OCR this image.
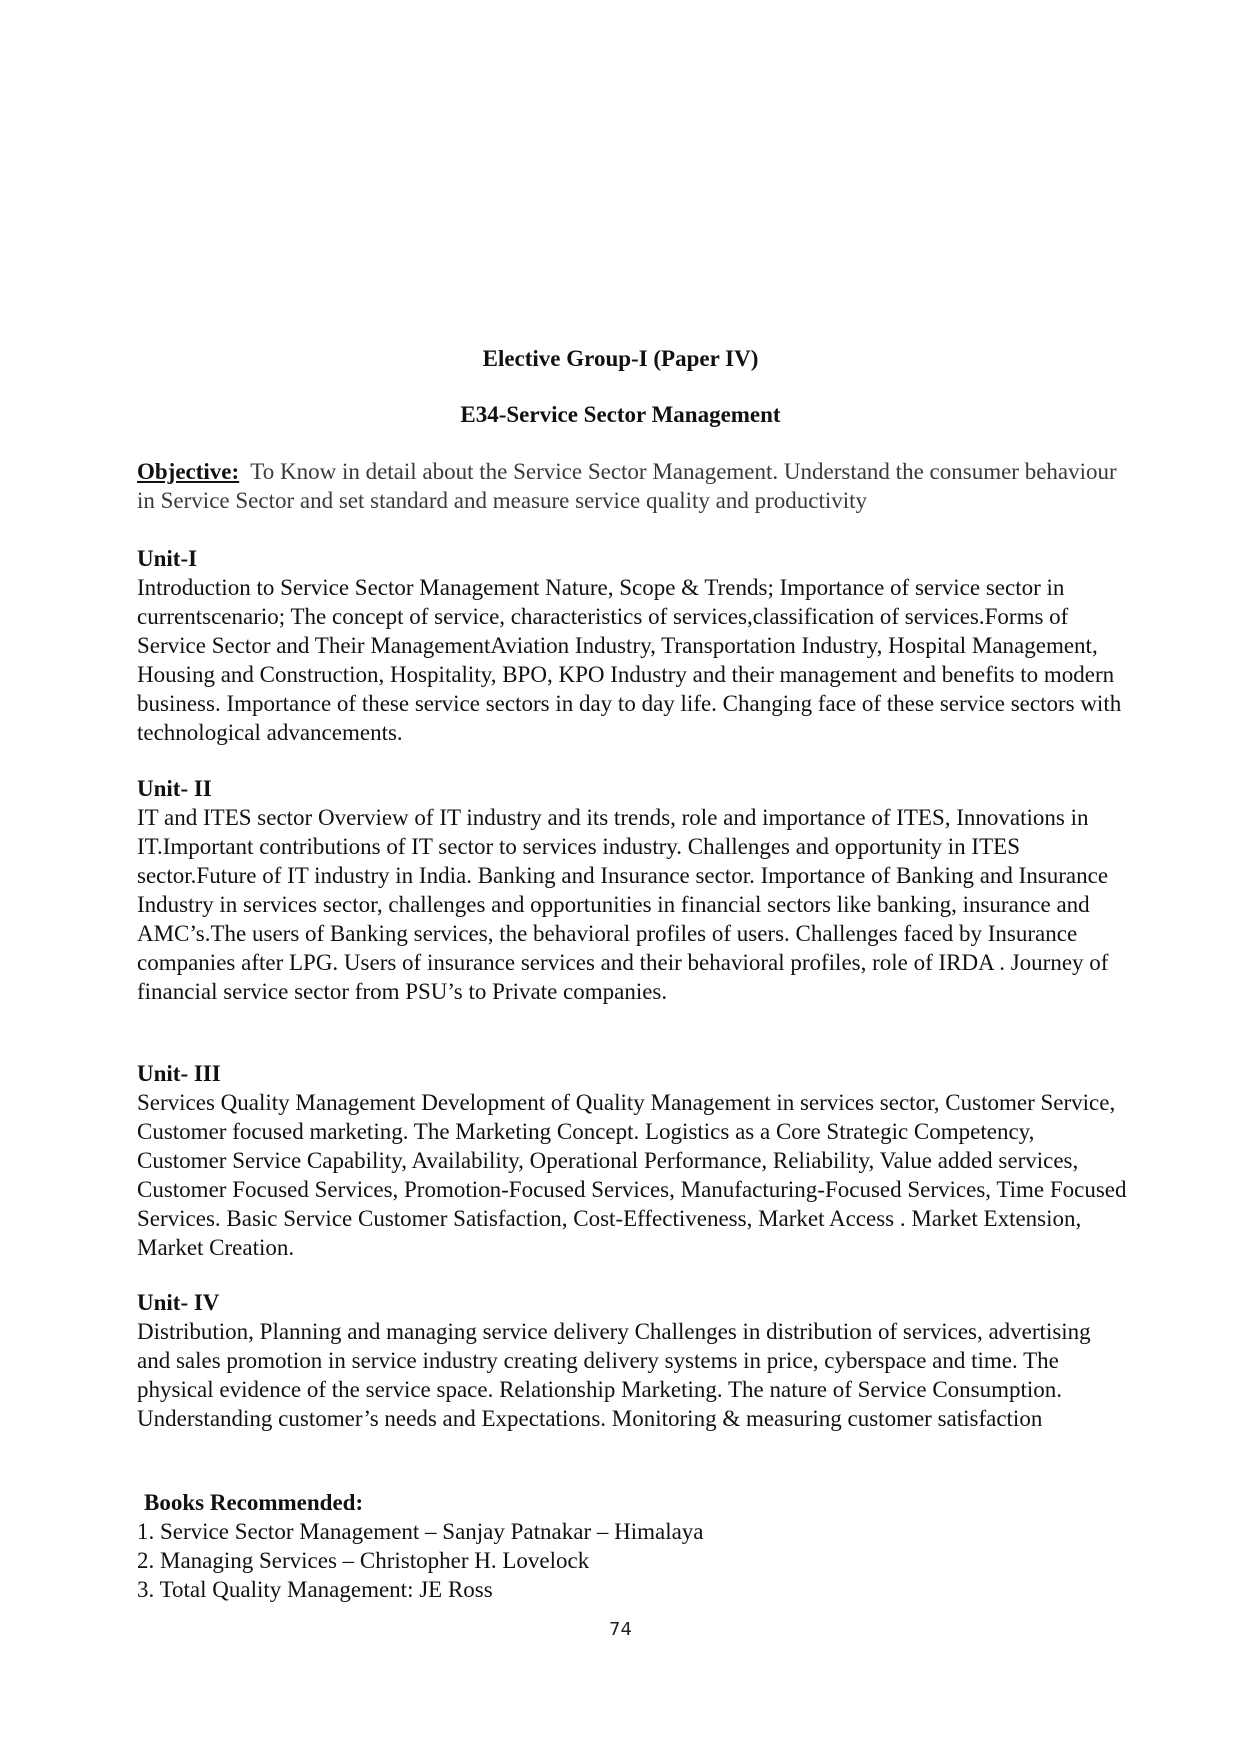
Elective Group-I (Paper IV)
E34-Service Sector Management
Objective: To Know in detail about the Service Sector Management. Understand the consumer behaviour in Service Sector and set standard and measure service quality and productivity
Unit-I
Introduction to Service Sector Management Nature, Scope & Trends; Importance of service sector in currentscenario; The concept of service, characteristics of services,classification of services.Forms of Service Sector and Their ManagementAviation Industry, Transportation Industry, Hospital Management, Housing and Construction, Hospitality, BPO, KPO Industry and their management and benefits to modern business. Importance of these service sectors in day to day life. Changing face of these service sectors with technological advancements.
Unit- II
IT and ITES sector Overview of IT industry and its trends, role and importance of ITES, Innovations in IT.Important contributions of IT sector to services industry. Challenges and opportunity in ITES sector.Future of IT industry in India. Banking and Insurance sector. Importance of Banking and Insurance Industry in services sector, challenges and opportunities in financial sectors like banking, insurance and AMC’s.The users of Banking services, the behavioral profiles of users. Challenges faced by Insurance companies after LPG. Users of insurance services and their behavioral profiles, role of IRDA . Journey of financial service sector from PSU’s to Private companies.
Unit- III
Services Quality Management Development of Quality Management in services sector, Customer Service, Customer focused marketing. The Marketing Concept. Logistics as a Core Strategic Competency, Customer Service Capability, Availability, Operational Performance, Reliability, Value added services, Customer Focused Services, Promotion-Focused Services, Manufacturing-Focused Services, Time Focused Services. Basic Service Customer Satisfaction, Cost-Effectiveness, Market Access . Market Extension, Market Creation.
Unit- IV
Distribution, Planning and managing service delivery Challenges in distribution of services, advertising and sales promotion in service industry creating delivery systems in price, cyberspace and time. The physical evidence of the service space. Relationship Marketing. The nature of Service Consumption. Understanding customer’s needs and Expectations. Monitoring & measuring customer satisfaction
Books Recommended:
1. Service Sector Management – Sanjay Patnakar – Himalaya
2. Managing Services – Christopher H. Lovelock
3. Total Quality Management: JE Ross
74
